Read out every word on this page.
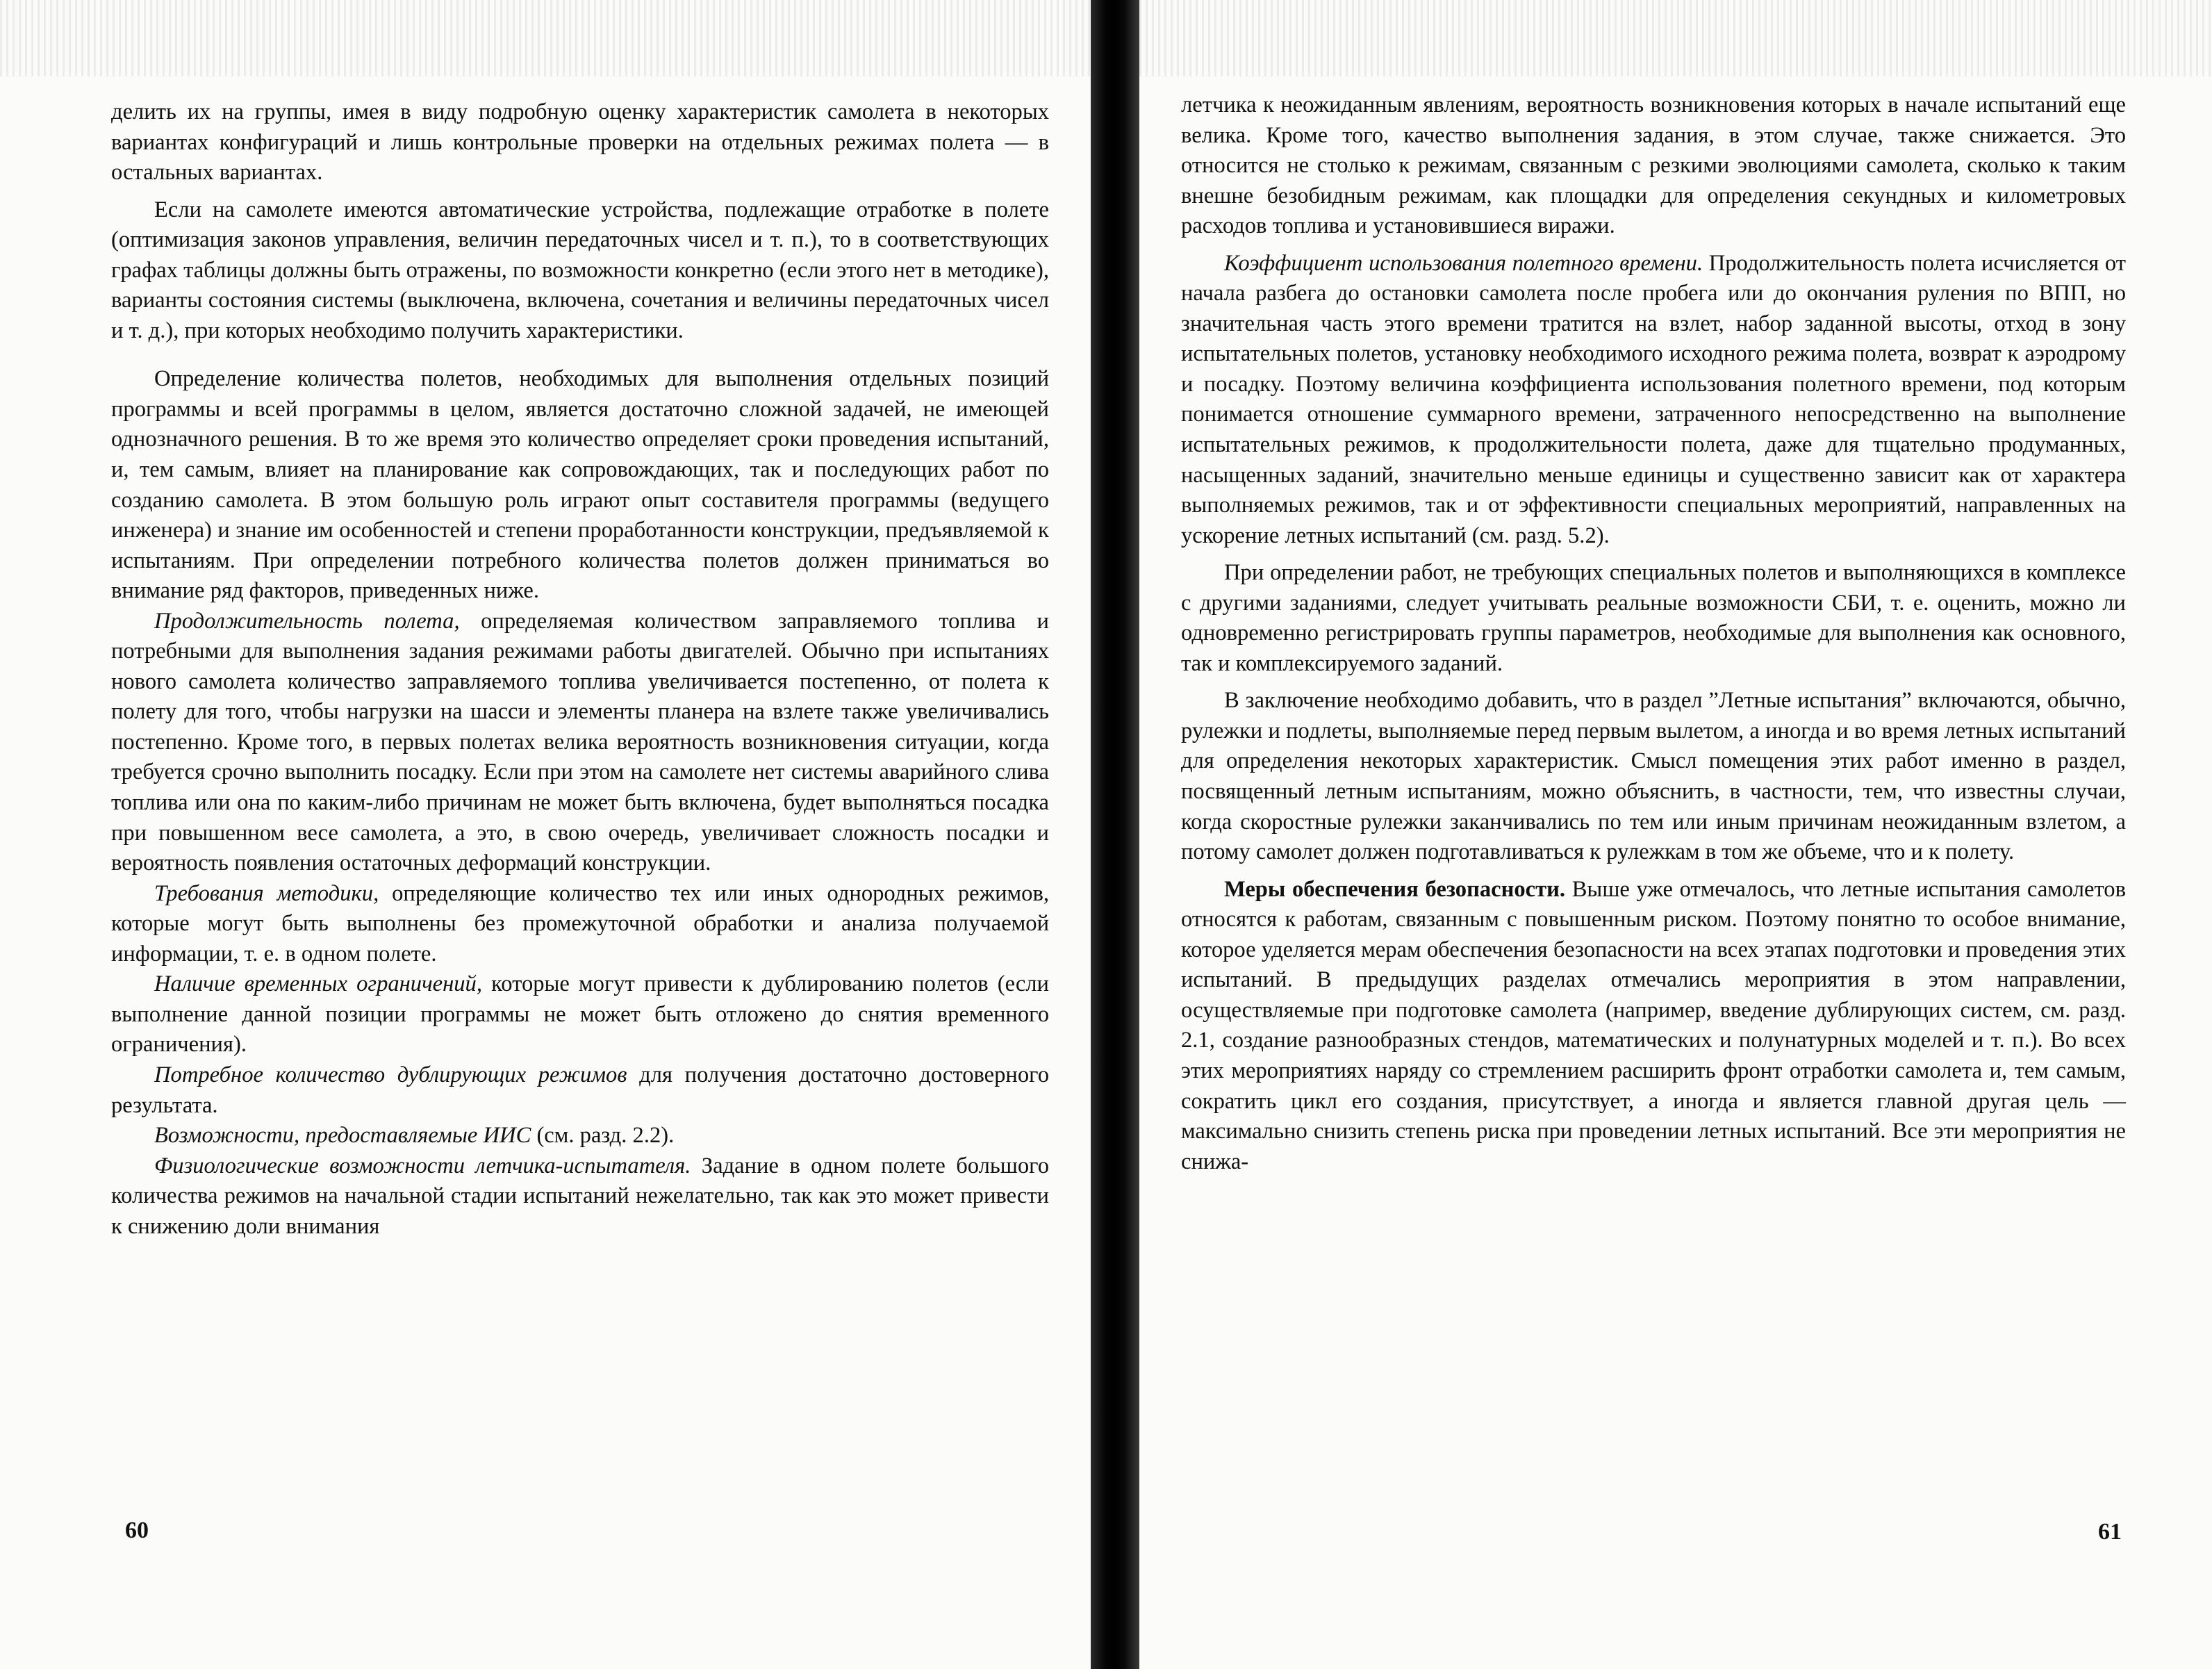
делить их на группы, имея в виду подробную оценку характеристик самолета в некоторых вариантах конфигураций и лишь контрольные проверки на отдельных режимах полета — в остальных вариантах.

Если на самолете имеются автоматические устройства, подлежащие отработке в полете (оптимизация законов управления, величин передаточных чисел и т. п.), то в соответствующих графах таблицы должны быть отражены, по возможности конкретно (если этого нет в методике), варианты состояния системы (выключена, включена, сочетания и величины передаточных чисел и т. д.), при которых необходимо получить характеристики.

Определение количества полетов, необходимых для выполнения отдельных позиций программы и всей программы в целом, является достаточно сложной задачей, не имеющей однозначного решения. В то же время это количество определяет сроки проведения испытаний, и, тем самым, влияет на планирование как сопровождающих, так и последующих работ по созданию самолета. В этом большую роль играют опыт составителя программы (ведущего инженера) и знание им особенностей и степени проработанности конструкции, предъявляемой к испытаниям. При определении потребного количества полетов должен приниматься во внимание ряд факторов, приведенных ниже.

Продолжительность полета, определяемая количеством заправляемого топлива и потребными для выполнения задания режимами работы двигателей. Обычно при испытаниях нового самолета количество заправляемого топлива увеличивается постепенно, от полета к полету для того, чтобы нагрузки на шасси и элементы планера на взлете также увеличивались постепенно. Кроме того, в первых полетах велика вероятность возникновения ситуации, когда требуется срочно выполнить посадку. Если при этом на самолете нет системы аварийного слива топлива или она по каким-либо причинам не может быть включена, будет выполняться посадка при повышенном весе самолета, а это, в свою очередь, увеличивает сложность посадки и вероятность появления остаточных деформаций конструкции.

Требования методики, определяющие количество тех или иных однородных режимов, которые могут быть выполнены без промежуточной обработки и анализа получаемой информации, т. е. в одном полете.

Наличие временных ограничений, которые могут привести к дублированию полетов (если выполнение данной позиции программы не может быть отложено до снятия временного ограничения).

Потребное количество дублирующих режимов для получения достаточно достоверного результата.

Возможности, предоставляемые ИИС (см. разд. 2.2).

Физиологические возможности летчика-испытателя. Задание в одном полете большого количества режимов на начальной стадии испытаний нежелательно, так как это может привести к снижению доли внимания

60

летчика к неожиданным явлениям, вероятность возникновения которых в начале испытаний еще велика. Кроме того, качество выполнения задания, в этом случае, также снижается. Это относится не столько к режимам, связанным с резкими эволюциями самолета, сколько к таким внешне безобидным режимам, как площадки для определения секундных и километровых расходов топлива и установившиеся виражи.

Коэффициент использования полетного времени. Продолжительность полета исчисляется от начала разбега до остановки самолета после пробега или до окончания руления по ВПП, но значительная часть этого времени тратится на взлет, набор заданной высоты, отход в зону испытательных полетов, установку необходимого исходного режима полета, возврат к аэродрому и посадку. Поэтому величина коэффициента использования полетного времени, под которым понимается отношение суммарного времени, затраченного непосредственно на выполнение испытательных режимов, к продолжительности полета, даже для тщательно продуманных, насыщенных заданий, значительно меньше единицы и существенно зависит как от характера выполняемых режимов, так и от эффективности специальных мероприятий, направленных на ускорение летных испытаний (см. разд. 5.2).

При определении работ, не требующих специальных полетов и выполняющихся в комплексе с другими заданиями, следует учитывать реальные возможности СБИ, т. е. оценить, можно ли одновременно регистрировать группы параметров, необходимые для выполнения как основного, так и комплексируемого заданий.

В заключение необходимо добавить, что в раздел ”Летные испытания” включаются, обычно, рулежки и подлеты, выполняемые перед первым вылетом, а иногда и во время летных испытаний для определения некоторых характеристик. Смысл помещения этих работ именно в раздел, посвященный летным испытаниям, можно объяснить, в частности, тем, что известны случаи, когда скоростные рулежки заканчивались по тем или иным причинам неожиданным взлетом, а потому самолет должен подготавливаться к рулежкам в том же объеме, что и к полету.

Меры обеспечения безопасности. Выше уже отмечалось, что летные испытания самолетов относятся к работам, связанным с повышенным риском. Поэтому понятно то особое внимание, которое уделяется мерам обеспечения безопасности на всех этапах подготовки и проведения этих испытаний. В предыдущих разделах отмечались мероприятия в этом направлении, осуществляемые при подготовке самолета (например, введение дублирующих систем, см. разд. 2.1, создание разнообразных стендов, математических и полунатурных моделей и т. п.). Во всех этих мероприятиях наряду со стремлением расширить фронт отработки самолета и, тем самым, сократить цикл его создания, присутствует, а иногда и является главной другая цель — максимально снизить степень риска при проведении летных испытаний. Все эти мероприятия не снижа-

61
